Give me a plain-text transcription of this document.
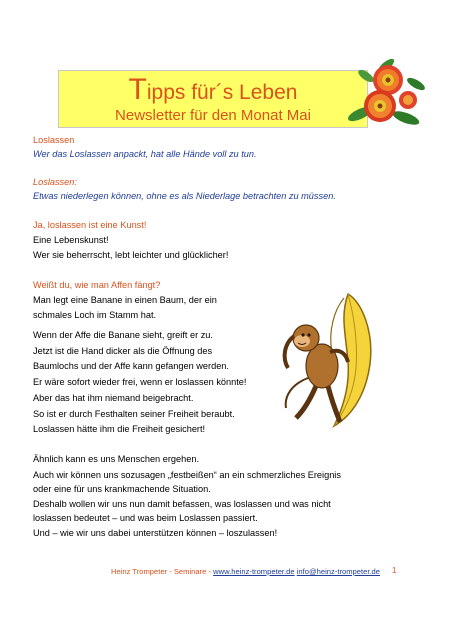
Tipps für´s Leben
Newsletter für den Monat Mai
Loslassen
Wer das Loslassen anpackt, hat alle Hände voll zu tun.
Loslassen:
Etwas niederlegen können, ohne es als Niederlage betrachten zu müssen.
Ja, loslassen ist eine Kunst!
Eine Lebenskunst!
Wer sie beherrscht, lebt leichter und glücklicher!
Weißt du, wie man Affen fängt?
Man legt eine Banane in einen Baum, der ein
schmales Loch im Stamm hat.
Wenn der Affe die Banane sieht, greift er zu.
Jetzt ist die Hand dicker als die Öffnung des
Baumlochs und der Affe kann gefangen werden.
Er wäre sofort wieder frei, wenn er loslassen könnte!
Aber das hat ihm niemand beigebracht.
So ist er durch Festhalten seiner Freiheit beraubt.
Loslassen hätte ihm die Freiheit gesichert!
Ähnlich kann es uns Menschen ergehen.
Auch wir können uns sozusagen „festbeißen“ an ein schmerzliches Ereignis
oder eine für uns krankmachende Situation.
Deshalb wollen wir uns nun damit befassen, was loslassen und was nicht
loslassen bedeutet – und was beim Loslassen passiert.
Und – wie wir uns dabei unterstützen können – loszulassen!
Heinz Trompeter - Seminare - www.heinz-trompeter.de info@heinz-trompeter.de 1
